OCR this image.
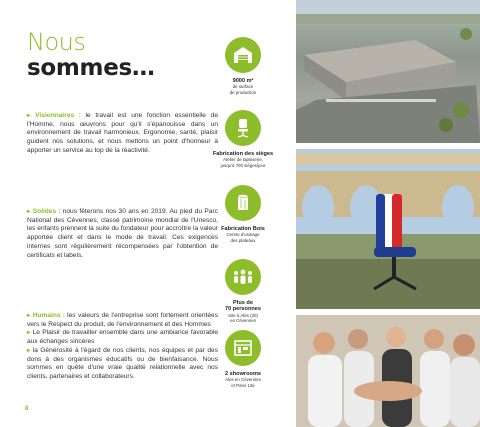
Nous
sommes…
▸ Visionnaires : le travail est une fonction essentielle de l'Homme, nous œuvrons pour qu'il s'épanouisse dans un environnement de travail harmonieux. Ergonomie, santé, plaisir guident nos solutions, et nous mettons un point d'honneur à apporter un service au top de la réactivité.
▸ Solides : nous fêterons nos 30 ans en 2019. Au pied du Parc National des Cévennes, classé patrimoine mondial de l'Unesco, les enfants prennent la suite du fondateur pour accroître la valeur apportée client et dans le mode de travail. Ces exigences internes sont régulièrement récompensées par l'obtention de certificats et labels.
▸ Humains : les valeurs de l'entreprise sont fortement orientées vers le Respect du produit, de l'environnement et des Hommes
▸ Le Plaisir de travailler ensemble dans une ambiance favorable aux échanges sincères
▸ la Générosité à l'égard de nos clients, nos équipes et par des dons à des organismes éducatifs ou de bienfaisance. Nous sommes en quête d'une vraie qualité relationnelle avec nos clients, partenaires et collaborateurs.
8
9000 m²
de surface
de production
Fabrication des sièges
Atelier de tapisserie,
jusqu'à 700 sièges/jour
Fabrication Bois
Centre d'usinage
des plateaux
Plus de
70 personnes
Site à Alès (30)
en Cévennes
2 showrooms
Alès en Cévennes
et Paris 13e
